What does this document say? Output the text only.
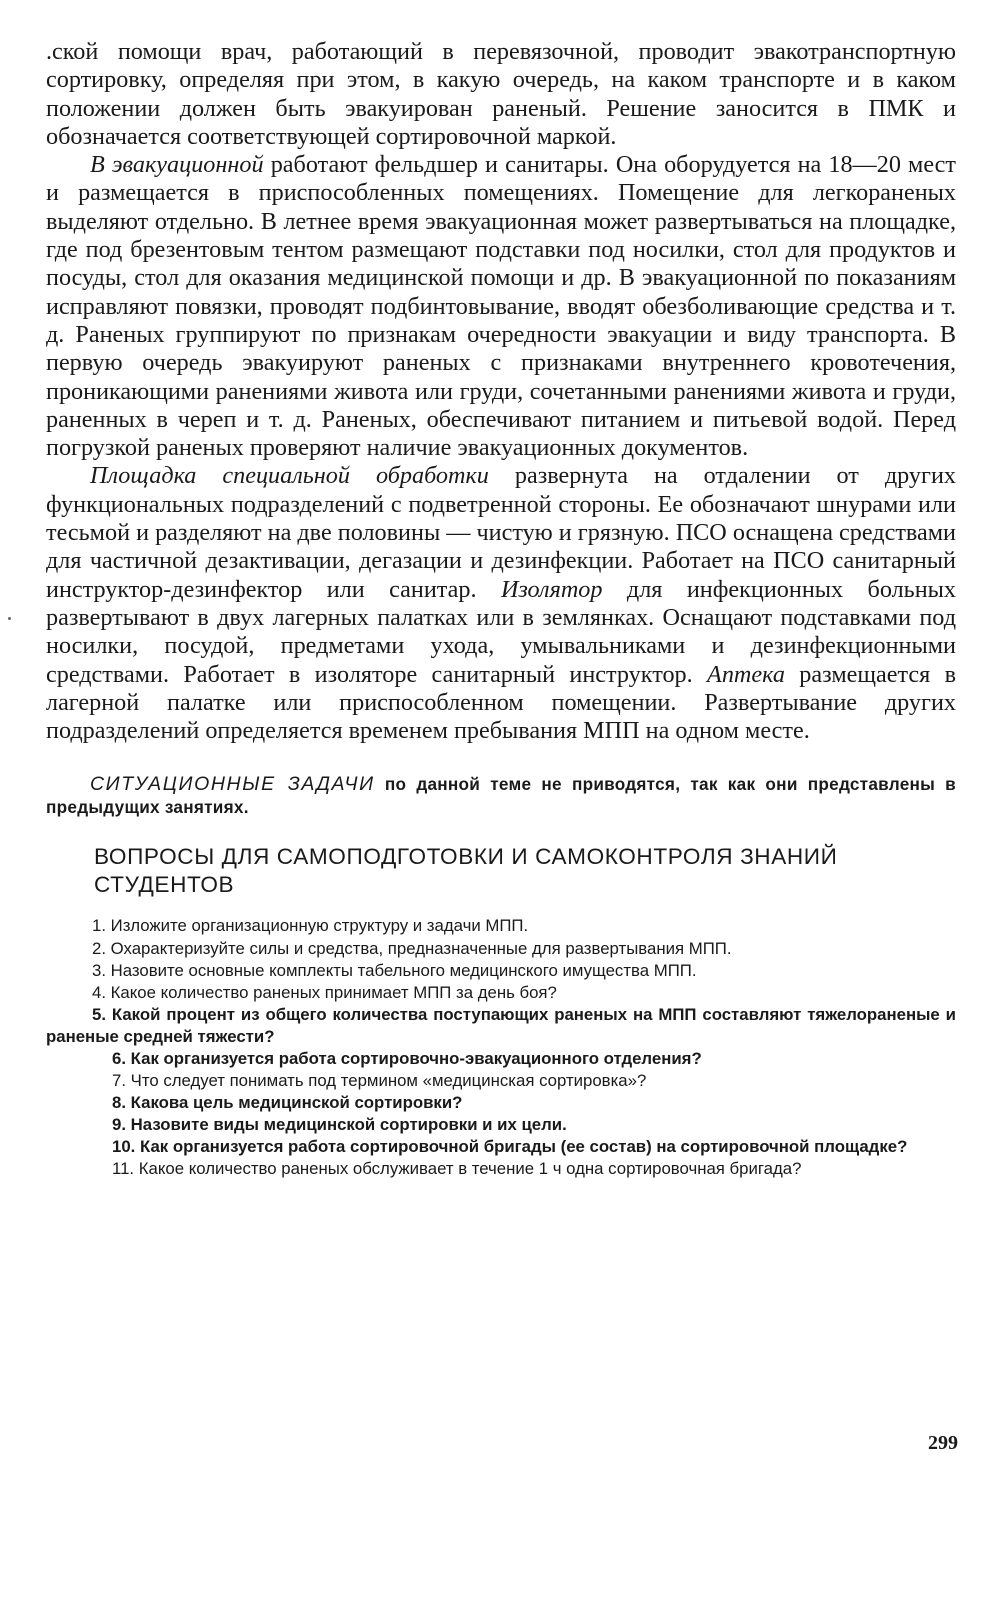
.ской помощи врач, работающий в перевязочной, проводит эвакотранспортную сортировку, определяя при этом, в какую очередь, на каком транспорте и в каком положении должен быть эвакуирован раненый. Решение заносится в ПМК и обозначается соответствующей сортировочной маркой.

В эвакуационной работают фельдшер и санитары. Она оборудуется на 18—20 мест и размещается в приспособленных помещениях. Помещение для легкораненых выделяют отдельно. В летнее время эвакуационная может развертываться на площадке, где под брезентовым тентом размещают подставки под носилки, стол для продуктов и посуды, стол для оказания медицинской помощи и др. В эвакуационной по показаниям исправляют повязки, проводят подбинтовывание, вводят обезболивающие средства и т. д. Раненых группируют по признакам очередности эвакуации и виду транспорта. В первую очередь эвакуируют раненых с признаками внутреннего кровотечения, проникающими ранениями живота или груди, сочетанными ранениями живота и груди, раненных в череп и т. д. Раненых, обеспечивают питанием и питьевой водой. Перед погрузкой раненых проверяют наличие эвакуационных документов.

Площадка специальной обработки развернута на отдалении от других функциональных подразделений с подветренной стороны. Ее обозначают шнурами или тесьмой и разделяют на две половины — чистую и грязную. ПСО оснащена средствами для частичной дезактивации, дегазации и дезинфекции. Работает на ПСО санитарный инструктор-дезинфектор или санитар. Изолятор для инфекционных больных развертывают в двух лагерных палатках или в землянках. Оснащают подставками под носилки, посудой, предметами ухода, умывальниками и дезинфекционными средствами. Работает в изоляторе санитарный инструктор. Аптека размещается в лагерной палатке или приспособленном помещении. Развертывание других подразделений определяется временем пребывания МПП на одном месте.

СИТУАЦИОННЫЕ ЗАДАЧИ по данной теме не приводятся, так как они представлены в предыдущих занятиях.
ВОПРОСЫ ДЛЯ САМОПОДГОТОВКИ И САМОКОНТРОЛЯ ЗНАНИЙ СТУДЕНТОВ
1. Изложите организационную структуру и задачи МПП.
2. Охарактеризуйте силы и средства, предназначенные для развертывания МПП.
3. Назовите основные комплекты табельного медицинского имущества МПП.
4. Какое количество раненых принимает МПП за день боя?
5. Какой процент из общего количества поступающих раненых на МПП составляют тяжелораненые и раненые средней тяжести?
6. Как организуется работа сортировочно-эвакуационного отделения?
7. Что следует понимать под термином «медицинская сортировка»?
8. Какова цель медицинской сортировки?
9. Назовите виды медицинской сортировки и их цели.
10. Как организуется работа сортировочной бригады (ее состав) на сортировочной площадке?
11. Какое количество раненых обслуживает в течение 1 ч одна сортировочная бригада?
299
